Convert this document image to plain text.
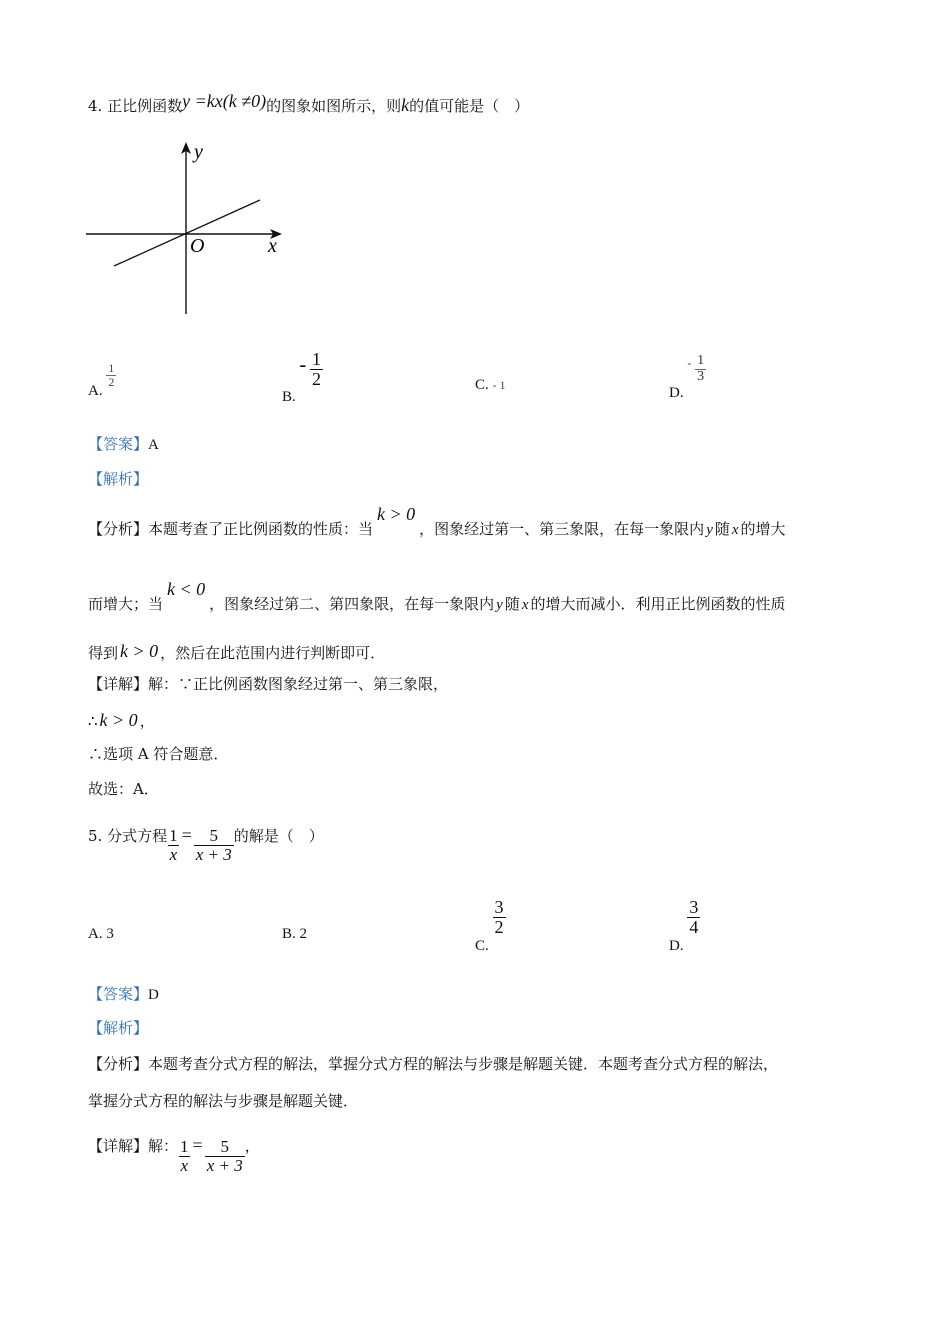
4. 正比例函数y =kx(k ≠0)的图象如图所示，则k的值可能是（　）
y
x
O
A.
$\frac{1}{2}$
B. - $\frac{1}{2}$	C. - 1	D. $^- \frac{1}{3}$
【答案】A
【解析】
【分析】本题考查了正比例函数的性质：当k > 0，图象经过第一、第三象限，在每一象限内 y 随 x 的增大
而增大；当k < 0，图象经过第二、第四象限，在每一象限内 y 随 x 的增大而减小．利用正比例函数的性质
得到 k > 0 ，然后在此范围内进行判断即可．
【详解】解：∵正比例函数图象经过第一、第三象限，
∴ k > 0 ，
∴选项 A 符合题意．
故选：A．
5. 分式方程 $\frac{1}{x} = \frac{5}{x + 3}$ 的解是（　）
A. 3	B. 2
C.
$\frac{3}{2}$
D.
$\frac{3}{4}$
【答案】D
【解析】
【分析】本题考查分式方程的解法，掌握分式方程的解法与步骤是解题关键．本题考查分式方程的解法，
掌握分式方程的解法与步骤是解题关键．
【详解】解： $\frac{1}{x} = \frac{5}{x + 3}$ ，
